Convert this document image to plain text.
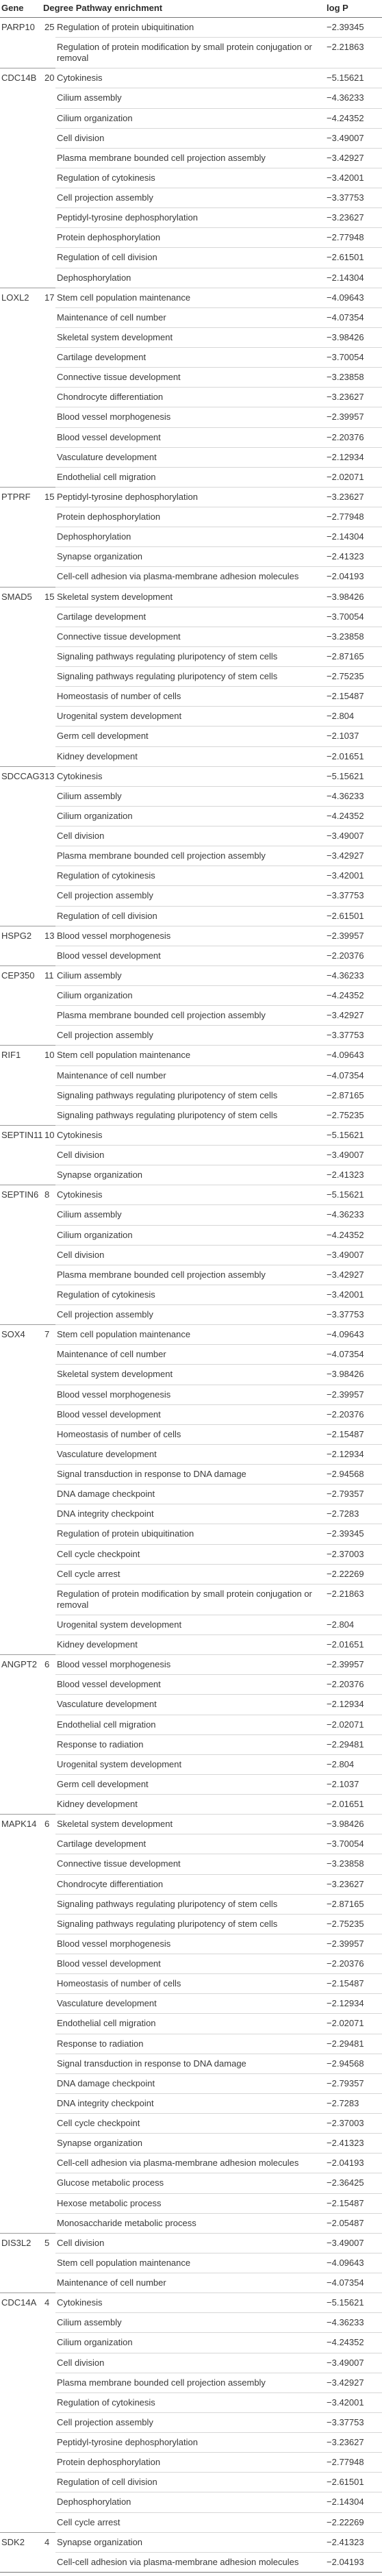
Gene	Degree Pathway enrichment		log P
PARP10	25	Regulation of protein ubiquitination	−2.39345
		Regulation of protein modification by small protein conjugation or removal	−2.21863
CDC14B	20	Cytokinesis	−5.15621
		Cilium assembly	−4.36233
		Cilium organization	−4.24352
		Cell division	−3.49007
		Plasma membrane bounded cell projection assembly	−3.42927
		Regulation of cytokinesis	−3.42001
		Cell projection assembly	−3.37753
		Peptidyl-tyrosine dephosphorylation	−3.23627
		Protein dephosphorylation	−2.77948
		Regulation of cell division	−2.61501
		Dephosphorylation	−2.14304
LOXL2	17	Stem cell population maintenance	−4.09643
		Maintenance of cell number	−4.07354
		Skeletal system development	−3.98426
		Cartilage development	−3.70054
		Connective tissue development	−3.23858
		Chondrocyte differentiation	−3.23627
		Blood vessel morphogenesis	−2.39957
		Blood vessel development	−2.20376
		Vasculature development	−2.12934
		Endothelial cell migration	−2.02071
PTPRF	15	Peptidyl-tyrosine dephosphorylation	−3.23627
		Protein dephosphorylation	−2.77948
		Dephosphorylation	−2.14304
		Synapse organization	−2.41323
		Cell-cell adhesion via plasma-membrane adhesion molecules	−2.04193
SMAD5	15	Skeletal system development	−3.98426
		Cartilage development	−3.70054
		Connective tissue development	−3.23858
		Signaling pathways regulating pluripotency of stem cells	−2.87165
		Signaling pathways regulating pluripotency of stem cells	−2.75235
		Homeostasis of number of cells	−2.15487
		Urogenital system development	−2.804
		Germ cell development	−2.1037
		Kidney development	−2.01651
SDCCAG3	13	Cytokinesis	−5.15621
		Cilium assembly	−4.36233
		Cilium organization	−4.24352
		Cell division	−3.49007
		Plasma membrane bounded cell projection assembly	−3.42927
		Regulation of cytokinesis	−3.42001
		Cell projection assembly	−3.37753
		Regulation of cell division	−2.61501
HSPG2	13	Blood vessel morphogenesis	−2.39957
		Blood vessel development	−2.20376
CEP350	11	Cilium assembly	−4.36233
		Cilium organization	−4.24352
		Plasma membrane bounded cell projection assembly	−3.42927
		Cell projection assembly	−3.37753
RIF1	10	Stem cell population maintenance	−4.09643
		Maintenance of cell number	−4.07354
		Signaling pathways regulating pluripotency of stem cells	−2.87165
		Signaling pathways regulating pluripotency of stem cells	−2.75235
SEPTIN11	10	Cytokinesis	−5.15621
		Cell division	−3.49007
		Synapse organization	−2.41323
SEPTIN6	8	Cytokinesis	−5.15621
		Cilium assembly	−4.36233
		Cilium organization	−4.24352
		Cell division	−3.49007
		Plasma membrane bounded cell projection assembly	−3.42927
		Regulation of cytokinesis	−3.42001
		Cell projection assembly	−3.37753
SOX4	7	Stem cell population maintenance	−4.09643
		Maintenance of cell number	−4.07354
		Skeletal system development	−3.98426
		Blood vessel morphogenesis	−2.39957
		Blood vessel development	−2.20376
		Homeostasis of number of cells	−2.15487
		Vasculature development	−2.12934
		Signal transduction in response to DNA damage	−2.94568
		DNA damage checkpoint	−2.79357
		DNA integrity checkpoint	−2.7283
		Regulation of protein ubiquitination	−2.39345
		Cell cycle checkpoint	−2.37003
		Cell cycle arrest	−2.22269
		Regulation of protein modification by small protein conjugation or removal	−2.21863
		Urogenital system development	−2.804
		Kidney development	−2.01651
ANGPT2	6	Blood vessel morphogenesis	−2.39957
		Blood vessel development	−2.20376
		Vasculature development	−2.12934
		Endothelial cell migration	−2.02071
		Response to radiation	−2.29481
		Urogenital system development	−2.804
		Germ cell development	−2.1037
		Kidney development	−2.01651
MAPK14	6	Skeletal system development	−3.98426
		Cartilage development	−3.70054
		Connective tissue development	−3.23858
		Chondrocyte differentiation	−3.23627
		Signaling pathways regulating pluripotency of stem cells	−2.87165
		Signaling pathways regulating pluripotency of stem cells	−2.75235
		Blood vessel morphogenesis	−2.39957
		Blood vessel development	−2.20376
		Homeostasis of number of cells	−2.15487
		Vasculature development	−2.12934
		Endothelial cell migration	−2.02071
		Response to radiation	−2.29481
		Signal transduction in response to DNA damage	−2.94568
		DNA damage checkpoint	−2.79357
		DNA integrity checkpoint	−2.7283
		Cell cycle checkpoint	−2.37003
		Synapse organization	−2.41323
		Cell-cell adhesion via plasma-membrane adhesion molecules	−2.04193
		Glucose metabolic process	−2.36425
		Hexose metabolic process	−2.15487
		Monosaccharide metabolic process	−2.05487
DIS3L2	5	Cell division	−3.49007
		Stem cell population maintenance	−4.09643
		Maintenance of cell number	−4.07354
CDC14A	4	Cytokinesis	−5.15621
		Cilium assembly	−4.36233
		Cilium organization	−4.24352
		Cell division	−3.49007
		Plasma membrane bounded cell projection assembly	−3.42927
		Regulation of cytokinesis	−3.42001
		Cell projection assembly	−3.37753
		Peptidyl-tyrosine dephosphorylation	−3.23627
		Protein dephosphorylation	−2.77948
		Regulation of cell division	−2.61501
		Dephosphorylation	−2.14304
		Cell cycle arrest	−2.22269
SDK2	4	Synapse organization	−2.41323
		Cell-cell adhesion via plasma-membrane adhesion molecules	−2.04193
